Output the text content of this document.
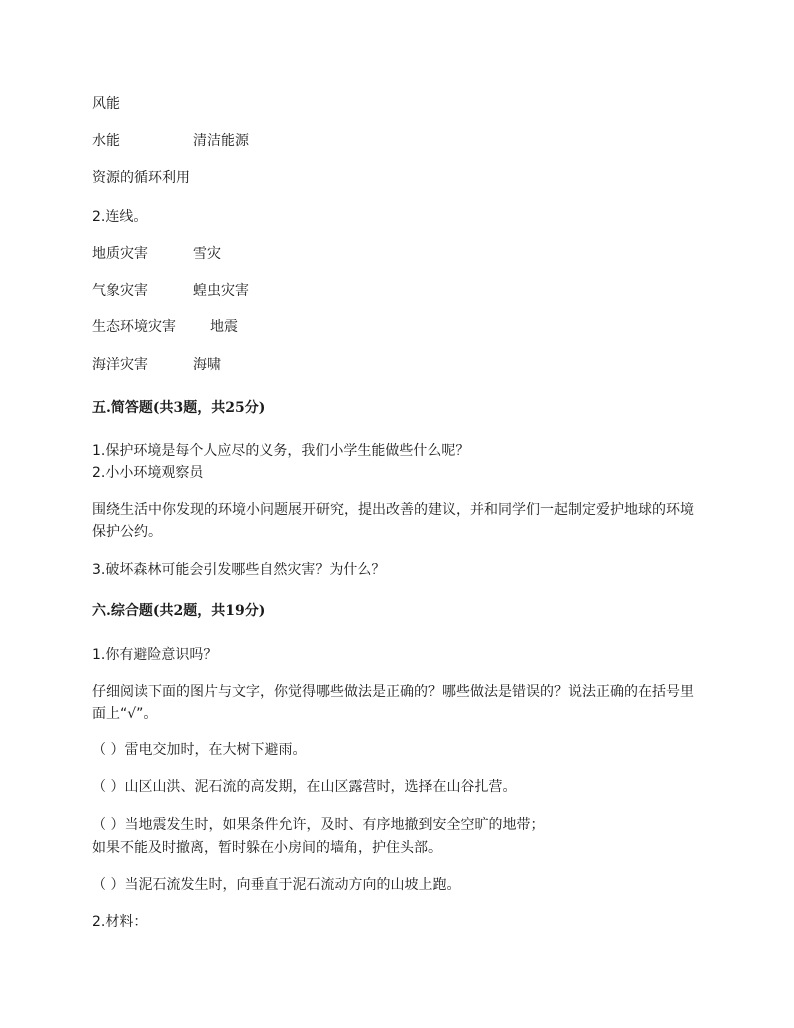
风能
水能	清洁能源
资源的循环利用
2.连线。
地质灾害	雪灾
气象灾害	蝗虫灾害
生态环境灾害 地震
海洋灾害	海啸
五.简答题(共3题，共25分)
1.保护环境是每个人应尽的义务，我们小学生能做些什么呢？
2.小小环境观察员
围绕生活中你发现的环境小问题展开研究，提出改善的建议，并和同学们一起制定爱护地球的环境保护公约。
3.破坏森林可能会引发哪些自然灾害？为什么？
六.综合题(共2题，共19分)
1.你有避险意识吗？
仔细阅读下面的图片与文字，你觉得哪些做法是正确的？哪些做法是错误的？说法正确的在括号里面上“√”。
（ ）雷电交加时，在大树下避雨。
（ ）山区山洪、泥石流的高发期，在山区露营时，选择在山谷扎营。
（ ）当地震发生时，如果条件允许，及时、有序地撤到安全空旷的地带；
如果不能及时撤离，暂时躲在小房间的墙角，护住头部。
（ ）当泥石流发生时，向垂直于泥石流动方向的山坡上跑。
2.材料：
